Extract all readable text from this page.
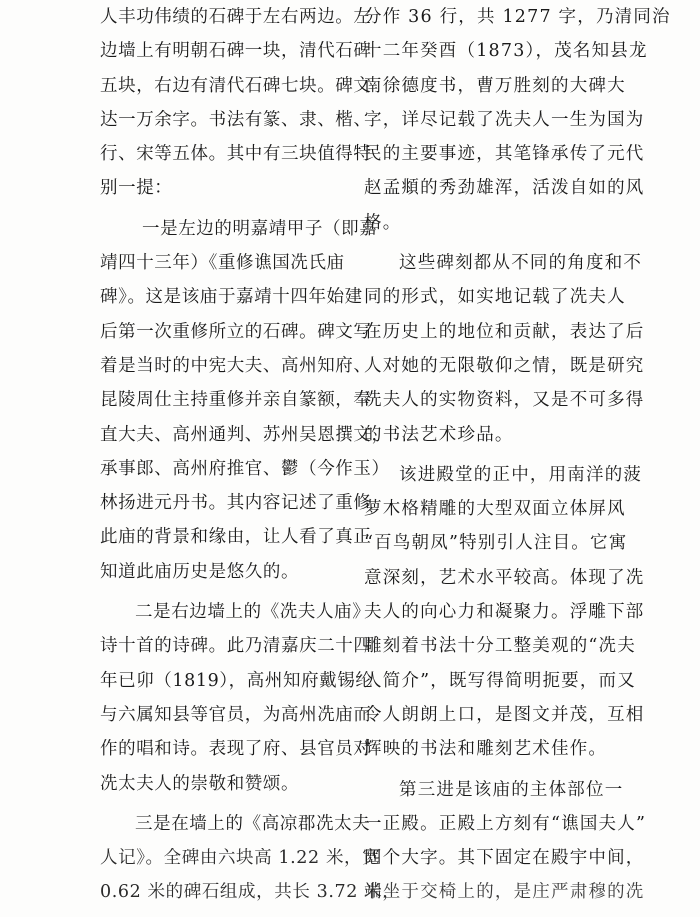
人丰功伟绩的石碑于左右两边。左
边墙上有明朝石碑一块，清代石碑
五块，右边有清代石碑七块。碑文
达一万余字。书法有篆、隶、楷、
行、宋等五体。其中有三块值得特
别一提：
一是左边的明嘉靖甲子（即嘉
靖四十三年）《重修谯国冼氏庙
碑》。这是该庙于嘉靖十四年始建
后第一次重修所立的石碑。碑文写
着是当时的中宪大夫、高州知府、
昆陵周仕主持重修并亲自篆额，奉
直大夫、高州通判、苏州吴恩撰文，
承事郎、高州府推官、鬱（今作玉）
林扬进元丹书。其内容记述了重修
此庙的背景和缘由，让人看了真正
知道此庙历史是悠久的。
二是右边墙上的《冼夫人庙》
诗十首的诗碑。此乃清嘉庆二十四
年已卯（1819），高州知府戴锡纶
与六属知县等官员，为高州冼庙而
作的唱和诗。表现了府、县官员对
冼太夫人的崇敬和赞颂。
三是在墙上的《高凉郡冼太夫
人记》。全碑由六块高 1.22 米，宽
0.62 米的碑石组成，共长 3.72 米，
分作 36 行，共 1277 字，乃清同治
十二年癸酉（1873），茂名知县龙
南徐德度书，曹万胜刻的大碑大
字，详尽记载了冼夫人一生为国为
民的主要事迹，其笔锋承传了元代
赵孟頫的秀劲雄浑，活泼自如的风
格。
这些碑刻都从不同的角度和不
同的形式，如实地记载了冼夫人
在历史上的地位和贡献，表达了后
人对她的无限敬仰之情，既是研究
冼夫人的实物资料，又是不可多得
的书法艺术珍品。
该进殿堂的正中，用南洋的菠
萝木格精雕的大型双面立体屏风
“百鸟朝凤”特别引人注目。它寓
意深刻，艺术水平较高。体现了冼
夫人的向心力和凝聚力。浮雕下部
雕刻着书法十分工整美观的“冼夫
人简介”，既写得简明扼要，而又
令人朗朗上口，是图文并茂，互相
辉映的书法和雕刻艺术佳作。
第三进是该庙的主体部位一
一正殿。正殿上方刻有“谯国夫人”
四个大字。其下固定在殿宇中间，
端坐于交椅上的，是庄严肃穆的冼
